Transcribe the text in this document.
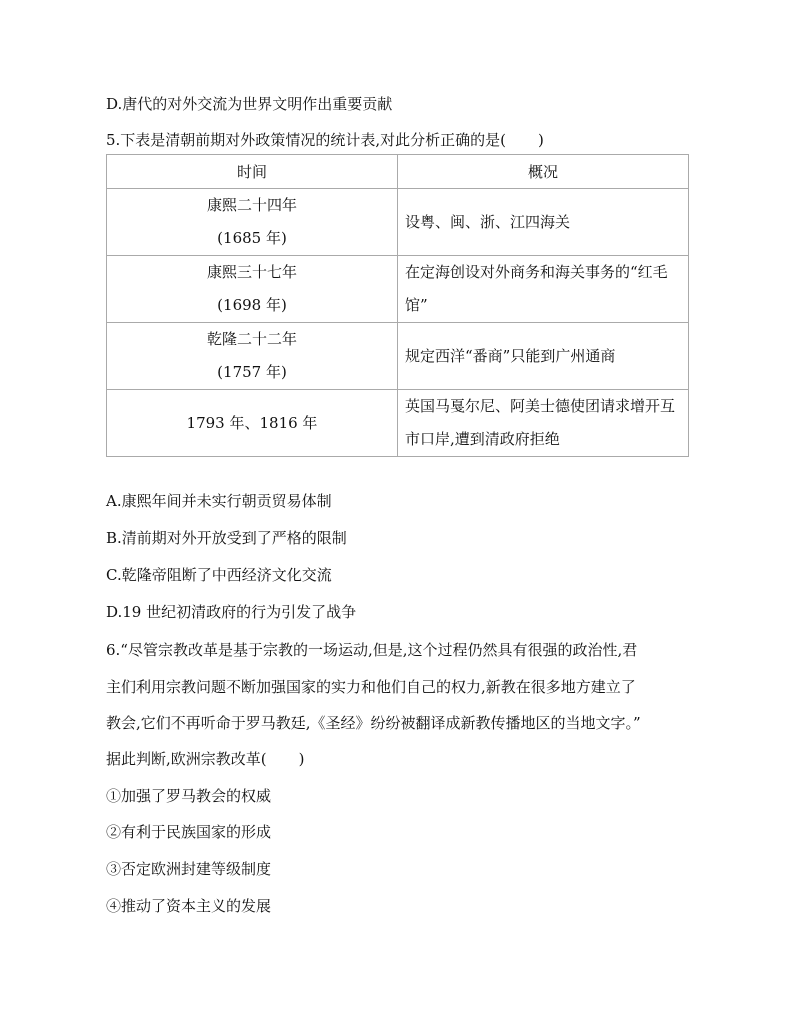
D.唐代的对外交流为世界文明作出重要贡献
5.下表是清朝前期对外政策情况的统计表,对此分析正确的是( )
时间	概况

康熙二十四年
(1685 年)	设粤、闽、浙、江四海关

康熙三十七年
(1698 年)	在定海创设对外商务和海关事务的“红毛馆”

乾隆二十二年
(1757 年)	规定西洋“番商”只能到广州通商
1793 年、1816 年	英国马戛尔尼、阿美士德使团请求增开互市口岸,遭到清政府拒绝
A.康熙年间并未实行朝贡贸易体制
B.清前期对外开放受到了严格的限制
C.乾隆帝阻断了中西经济文化交流
D.19 世纪初清政府的行为引发了战争
6.“尽管宗教改革是基于宗教的一场运动,但是,这个过程仍然具有很强的政治性,君
主们利用宗教问题不断加强国家的实力和他们自己的权力,新教在很多地方建立了
教会,它们不再听命于罗马教廷,《圣经》纷纷被翻译成新教传播地区的当地文字。”
据此判断,欧洲宗教改革( )
①加强了罗马教会的权威
②有利于民族国家的形成
③否定欧洲封建等级制度
④推动了资本主义的发展
